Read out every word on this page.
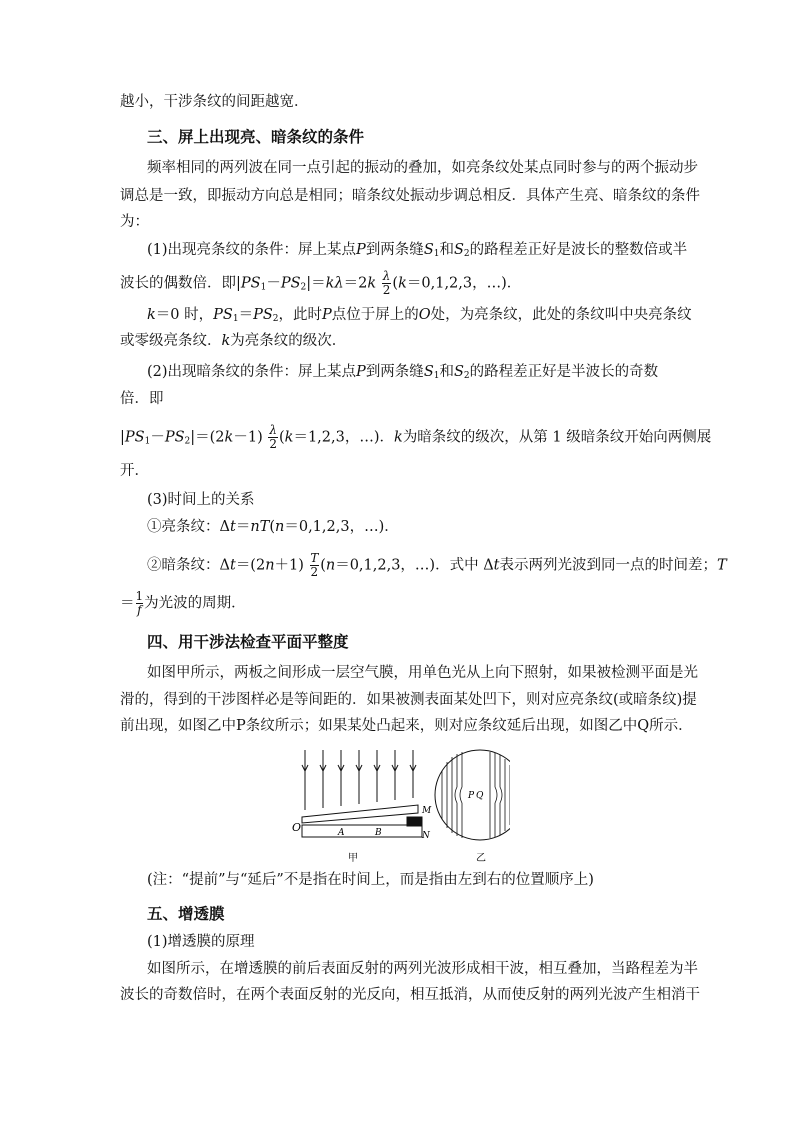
越小，干涉条纹的间距越宽．
三、屏上出现亮、暗条纹的条件
频率相同的两列波在同一点引起的振动的叠加，如亮条纹处某点同时参与的两个振动步
调总是一致，即振动方向总是相同；暗条纹处振动步调总相反．具体产生亮、暗条纹的条件
为：
(1)出现亮条纹的条件：屏上某点P到两条缝$S_1$和$S_2$的路程差正好是波长的整数倍或半
波长的偶数倍．即$|PS_1-PS_2|=k\lambda=2k \frac{\lambda}{2} (k=0,1,2,3$，…)．
k＝0 时，$PS_1=PS_2$，此时P点位于屏上的O处，为亮条纹，此处的条纹叫中央亮条纹
或零级亮条纹．k为亮条纹的级次．
(2)出现暗条纹的条件：屏上某点P到两条缝$S_1$和$S_2$的路程差正好是半波长的奇数
倍．即
$|PS_1-PS_2|=(2k-1) \frac{\lambda}{2} (k=1,2,3$，…)．k为暗条纹的级次，从第 1 级暗条纹开始向两侧展
开．
(3)时间上的关系
①亮条纹：Δt＝nT(n＝0,1,2,3，…)．
②暗条纹：$\Delta t=(2n+1) \frac{T}{2} (n=0,1,2,3$，…)．式中 Δt表示两列光波到同一点的时间差；T
＝ $\frac{1}{f}$ 为光波的周期．
四、用干涉法检查平面平整度
如图甲所示，两板之间形成一层空气膜，用单色光从上向下照射，如果被检测平面是光
滑的，得到的干涉图样必是等间距的．如果被测表面某处凹下，则对应亮条纹(或暗条纹)提
前出现，如图乙中P条纹所示；如果某处凸起来，则对应条纹延后出现，如图乙中Q所示．
O	A	B
M
N
甲
P Q
乙
(注：“提前”与“延后”不是指在时间上，而是指由左到右的位置顺序上)
五、增透膜
(1)增透膜的原理
如图所示，在增透膜的前后表面反射的两列光波形成相干波，相互叠加，当路程差为半
波长的奇数倍时，在两个表面反射的光反向，相互抵消，从而使反射的两列光波产生相消干
